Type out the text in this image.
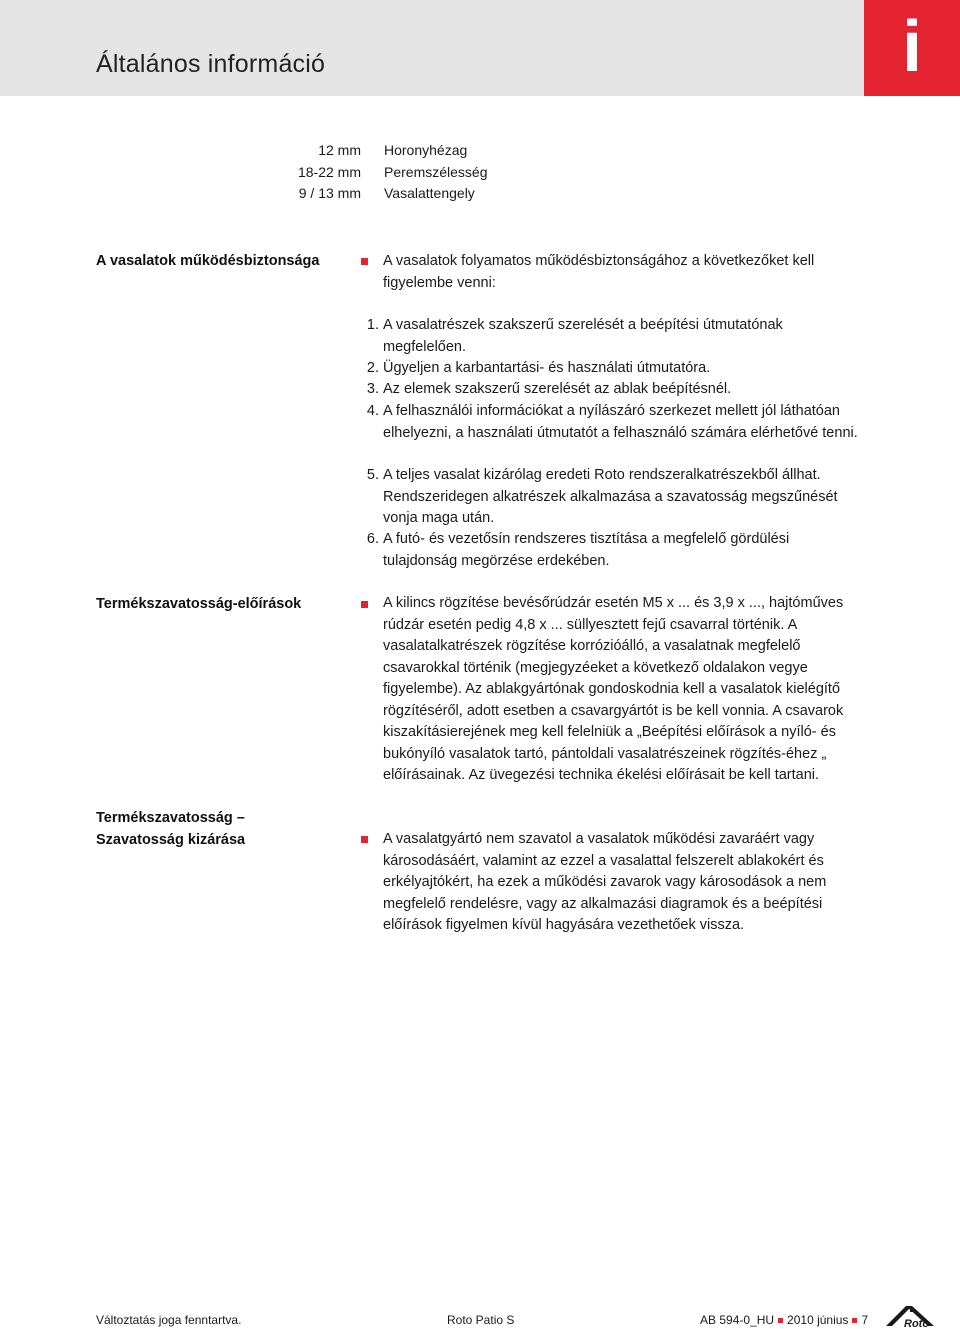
Általános információ	i
12 mm Horonyhézag
18-22 mm Peremszélesség
9 / 13 mm Vasalattengely
A vasalatok működésbiztonsága	A vasalatok folyamatos működésbiztonságához a következőket kell figyelembe venni:
1. A vasalatrészek szakszerű szerelését a beépítési útmutatónak megfelelően.
2. Ügyeljen a karbantartási- és használati útmutatóra.
3. Az elemek szakszerű szerelését az ablak beépítésnél.
4. A felhasználói információkat a nyílászáró szerkezet mellett jól láthatóan elhelyezni, a használati útmutatót a felhasználó számára elérhetővé tenni.
5. A teljes vasalat kizárólag eredeti Roto rendszeralkatrészekből állhat. Rendszeridegen alkatrészek alkalmazása a szavatosság megszűnését vonja maga után.
6. A futó- és vezetősín rendszeres tisztítása a megfelelő gördülési tulajdonság megörzése erdekében.
Termékszavatosság-előírások	A kilincs rögzítése bevésőrúdzár esetén M5 x ... és 3,9 x ..., hajtóműves rúdzár esetén pedig 4,8 x ... süllyesztett fejű csavarral történik. A vasalatalkatrészek rögzítése korrózióálló, a vasalatnak megfelelő csavarokkal történik (megjegyzéeket a következő oldalakon vegye figyelembe). Az ablakgyártónak gondoskodnia kell a vasalatok kielégítő rögzítéséről, adott esetben a csavargyártót is be kell vonnia. A csavarok kiszakításierejének meg kell felelniük a „Beépítési előírások a nyíló- és bukónyíló vasalatok tartó, pántoldali vasalatrészeinek rögzítés-éhez „ előírásainak. Az üvegezési technika ékelési előírásait be kell tartani.
Termékszavatosság –
Szavatosság kizárása	A vasalatgyártó nem szavatol a vasalatok működési zavaráért vagy károsodásáért, valamint az ezzel a vasalattal felszerelt ablakokért és erkélyajtókért, ha ezek a működési zavarok vagy károsodások a nem megfelelő rendelésre, vagy az alkalmazási diagramok és a beépítési előírások figyelmen kívül hagyására vezethetőek vissza.
Változtatás joga fenntartva.	Roto Patio S	AB 594-0_HU 2010 június 7	Roto
